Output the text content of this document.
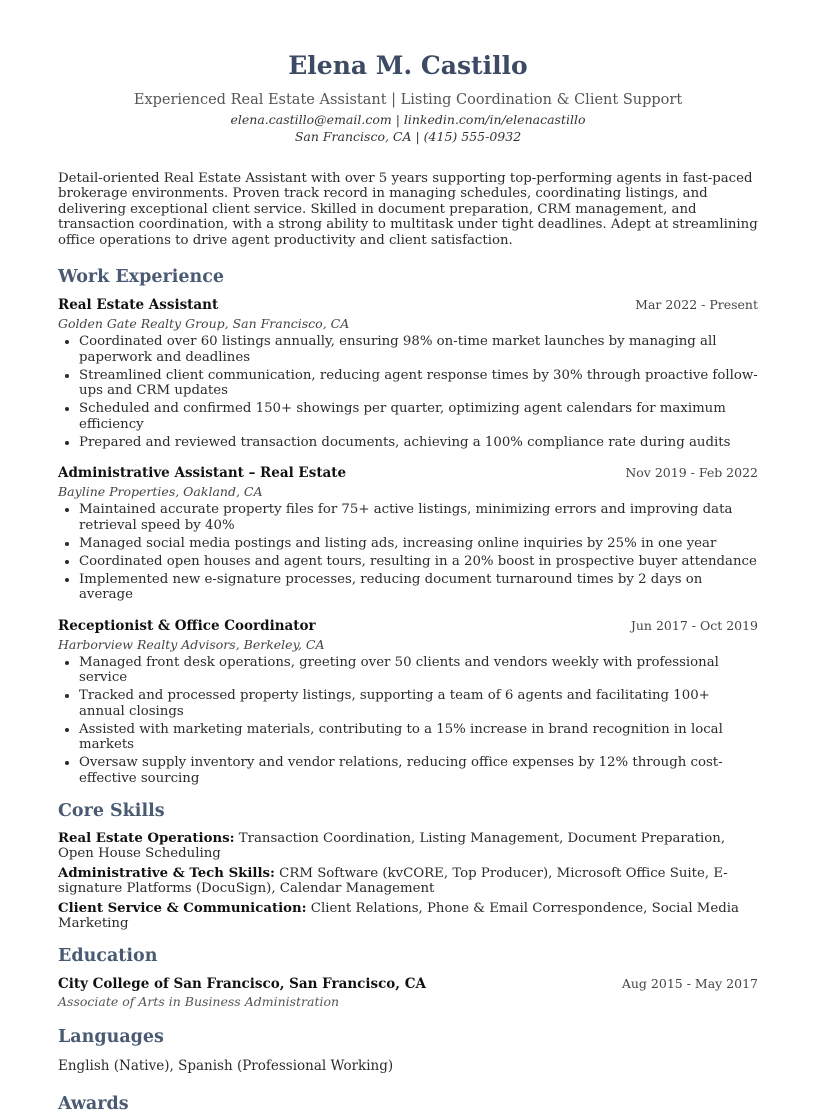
Elena M. Castillo
Experienced Real Estate Assistant | Listing Coordination & Client Support
elena.castillo@email.com | linkedin.com/in/elenacastillo
San Francisco, CA | (415) 555-0932
Detail-oriented Real Estate Assistant with over 5 years supporting top-performing agents in fast-paced brokerage environments. Proven track record in managing schedules, coordinating listings, and delivering exceptional client service. Skilled in document preparation, CRM management, and transaction coordination, with a strong ability to multitask under tight deadlines. Adept at streamlining office operations to drive agent productivity and client satisfaction.
Work Experience
Real Estate Assistant	Mar 2022 - Present
Golden Gate Realty Group, San Francisco, CA
• Coordinated over 60 listings annually, ensuring 98% on-time market launches by managing all paperwork and deadlines
• Streamlined client communication, reducing agent response times by 30% through proactive follow-ups and CRM updates
• Scheduled and confirmed 150+ showings per quarter, optimizing agent calendars for maximum efficiency
• Prepared and reviewed transaction documents, achieving a 100% compliance rate during audits
Administrative Assistant – Real Estate	Nov 2019 - Feb 2022
Bayline Properties, Oakland, CA
• Maintained accurate property files for 75+ active listings, minimizing errors and improving data retrieval speed by 40%
• Managed social media postings and listing ads, increasing online inquiries by 25% in one year
• Coordinated open houses and agent tours, resulting in a 20% boost in prospective buyer attendance
• Implemented new e-signature processes, reducing document turnaround times by 2 days on average
Receptionist & Office Coordinator	Jun 2017 - Oct 2019
Harborview Realty Advisors, Berkeley, CA
• Managed front desk operations, greeting over 50 clients and vendors weekly with professional service
• Tracked and processed property listings, supporting a team of 6 agents and facilitating 100+ annual closings
• Assisted with marketing materials, contributing to a 15% increase in brand recognition in local markets
• Oversaw supply inventory and vendor relations, reducing office expenses by 12% through cost-effective sourcing
Core Skills
Real Estate Operations: Transaction Coordination, Listing Management, Document Preparation, Open House Scheduling
Administrative & Tech Skills: CRM Software (kvCORE, Top Producer), Microsoft Office Suite, E-signature Platforms (DocuSign), Calendar Management
Client Service & Communication: Client Relations, Phone & Email Correspondence, Social Media Marketing
Education
City College of San Francisco, San Francisco, CA	Aug 2015 - May 2017
Associate of Arts in Business Administration
Languages
English (Native), Spanish (Professional Working)
Awards
